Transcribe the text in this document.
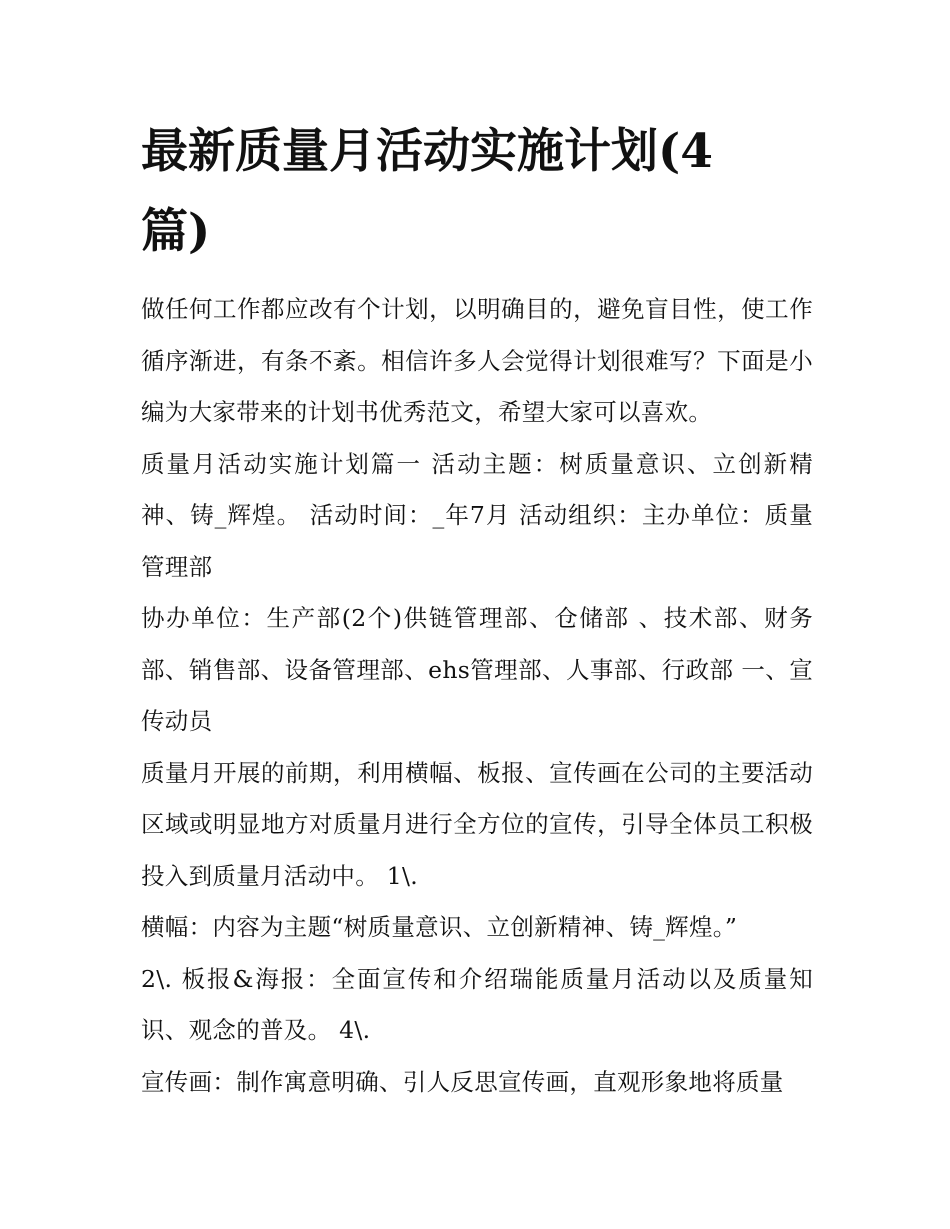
最新质量月活动实施计划(4篇)

做任何工作都应改有个计划，以明确目的，避免盲目性，使工作循序渐进，有条不紊。相信许多人会觉得计划很难写？下面是小编为大家带来的计划书优秀范文，希望大家可以喜欢。

质量月活动实施计划篇一 活动主题：树质量意识、立创新精神、铸_辉煌。 活动时间：_年7月 活动组织：主办单位：质量管理部

协办单位：生产部(2个)供链管理部、仓储部 、技术部、财务部、销售部、设备管理部、ehs管理部、人事部、行政部 一、宣传动员

质量月开展的前期，利用横幅、板报、宣传画在公司的主要活动区域或明显地方对质量月进行全方位的宣传，引导全体员工积极投入到质量月活动中。 1\.

横幅：内容为主题“树质量意识、立创新精神、铸_辉煌。”

2\. 板报&海报：全面宣传和介绍瑞能质量月活动以及质量知识、观念的普及。 4\.

宣传画：制作寓意明确、引人反思宣传画，直观形象地将质量
